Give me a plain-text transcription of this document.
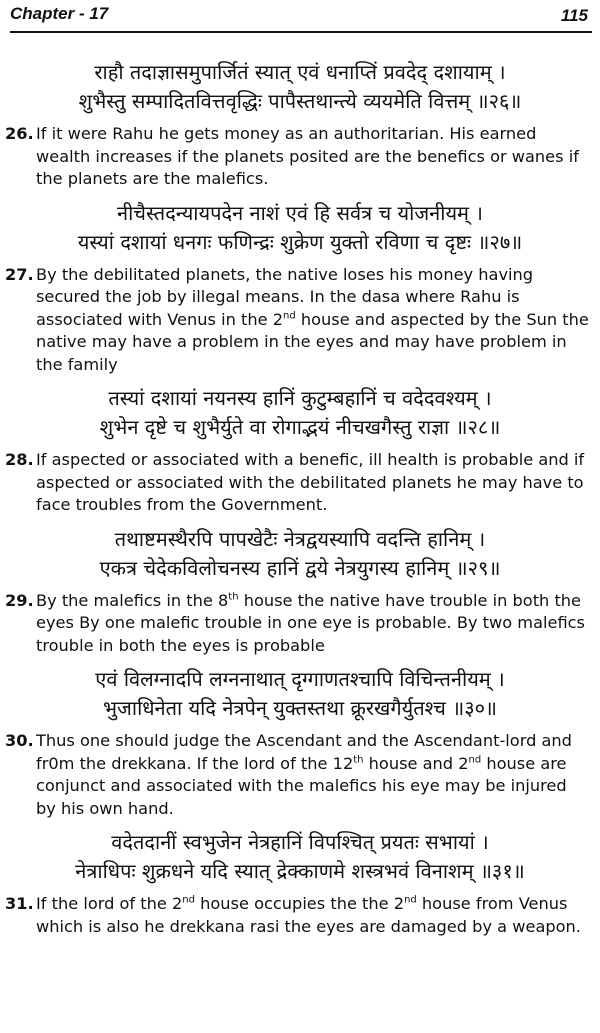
Chapter - 17	115
राहौ तदाज्ञासमुपार्जितं स्यात् एवं धनाप्तिं प्रवदेद् दशायाम् ।
शुभैस्तु सम्पादितवित्तवृद्धिः पापैस्तथान्त्ये व्ययमेति वित्तम् ॥२६॥
26. If it were Rahu he gets money as an authoritarian. His earned wealth increases if the planets posited are the benefics or wanes if the planets are the malefics.
नीचैस्तदन्यायपदेन नाशं एवं हि सर्वत्र च योजनीयम् ।
यस्यां दशायां धनगः फणिन्द्रः शुक्रेण युक्तो रविणा च दृष्टः ॥२७॥
27. By the debilitated planets, the native loses his money having secured the job by illegal means. In the dasa where Rahu is associated with Venus in the 2nd house and aspected by the Sun the native may have a problem in the eyes and may have problem in the family
तस्यां दशायां नयनस्य हानिं कुटुम्बहानिं च वदेदवश्यम् ।
शुभेन दृष्टे च शुभैर्युते वा रोगाद्भयं नीचखगैस्तु राज्ञा ॥२८॥
28. If aspected or associated with a benefic, ill health is probable and if aspected or associated with the debilitated planets he may have to face troubles from the Government.
तथाष्टमस्थैरपि पापखेटैः नेत्रद्वयस्यापि वदन्ति हानिम् ।
एकत्र चेदेकविलोचनस्य हानिं द्वये नेत्रयुगस्य हानिम् ॥२९॥
29. By the malefics in the 8th house the native have trouble in both the eyes By one malefic trouble in one eye is probable. By two malefics trouble in both the eyes is probable
एवं विलग्नादपि लग्ननाथात् दृग्गाणतश्चापि विचिन्तनीयम् ।
भुजाधिनेता यदि नेत्रपेन् युक्तस्तथा क्रूरखगैर्युतश्च ॥३०॥
30. Thus one should judge the Ascendant and the Ascendant-lord and fr0m the drekkana. If the lord of the 12th house and 2nd house are conjunct and associated with the malefics his eye may be injured by his own hand.
वदेतदानीं स्वभुजेन नेत्रहानिं विपश्चित् प्रयतः सभायां ।
नेत्राधिपः शुक्रधने यदि स्यात् द्रेक्काणमे शस्त्रभवं विनाशम् ॥३१॥
31. If the lord of the 2nd house occupies the the 2nd house from Venus which is also he drekkana rasi the eyes are damaged by a weapon.
